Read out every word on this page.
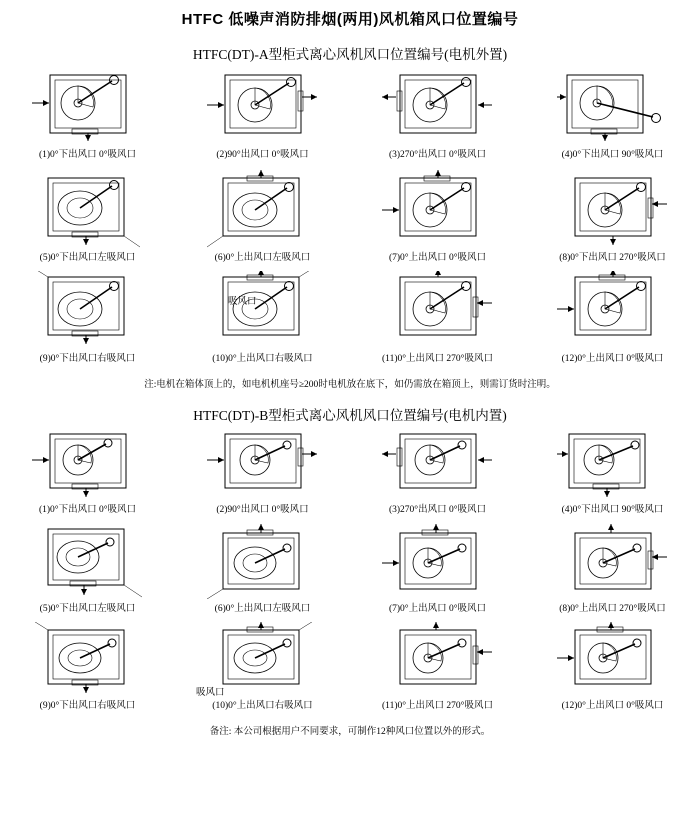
HTFC 低噪声消防排烟(两用)风机箱风口位置编号
HTFC(DT)-A型柜式离心风机风口位置编号(电机外置)
(1)0°下出风口 0°吸风口	(2)90°出风口 0°吸风口	(3)270°出风口 0°吸风口	(4)0°下出风口 90°吸风口
(5)0°下出风口左吸风口	(6)0°上出风口左吸风口	(7)0°上出风口 0°吸风口	(8)0°下出风口 270°吸风口
(9)0°下出风口右吸风口	(10)0°上出风口右吸风口	(11)0°上出风口 270°吸风口	(12)0°上出风口 0°吸风口
吸风口
注:电机在箱体顶上的，如电机机座号≥200时电机放在底下，如仍需放在箱顶上，则需订货时注明。
HTFC(DT)-B型柜式离心风机风口位置编号(电机内置)
(1)0°下出风口 0°吸风口	(2)90°出风口 0°吸风口	(3)270°出风口 0°吸风口	(4)0°下出风口 90°吸风口
(5)0°下出风口左吸风口	(6)0°上出风口左吸风口	(7)0°上出风口 0°吸风口	(8)0°上出风口 270°吸风口
(9)0°下出风口右吸风口	(10)0°上出风口右吸风口	(11)0°上出风口 270°吸风口	(12)0°上出风口 0°吸风口
吸风口
备注: 本公司根据用户不同要求，可制作12种风口位置以外的形式。
